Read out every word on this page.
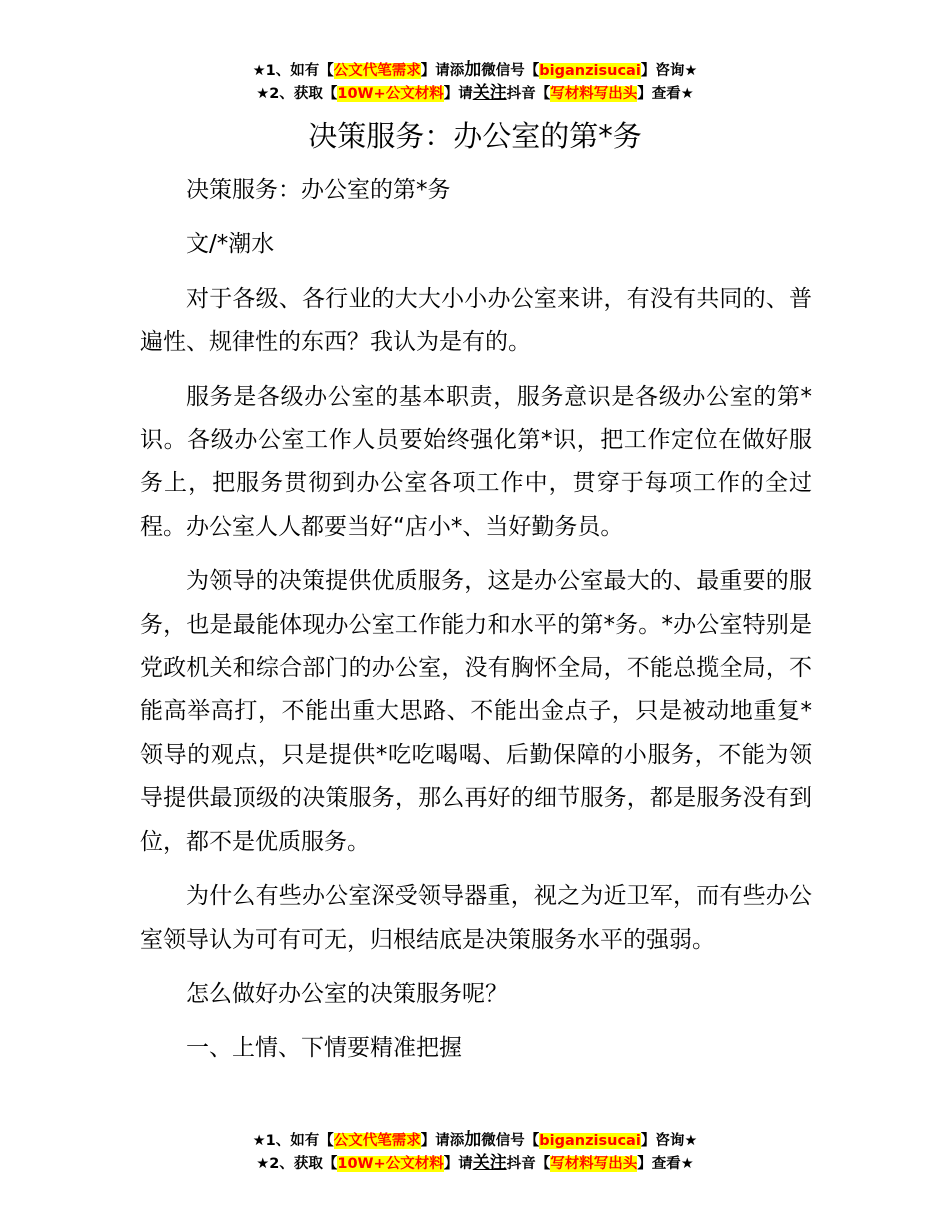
★1、如有【公文代笔需求】请添加微信号【biganzisucai】咨询★
★2、获取【10W+公文材料】请关注抖音【写材料写出头】查看★
决策服务：办公室的第*务

决策服务：办公室的第*务

文/*潮水

对于各级、各行业的大大小小办公室来讲，有没有共同的、普遍性、规律性的东西？我认为是有的。

服务是各级办公室的基本职责，服务意识是各级办公室的第*识。各级办公室工作人员要始终强化第*识，把工作定位在做好服务上，把服务贯彻到办公室各项工作中，贯穿于每项工作的全过程。办公室人人都要当好“店小*、当好勤务员。

为领导的决策提供优质服务，这是办公室最大的、最重要的服务，也是最能体现办公室工作能力和水平的第*务。*办公室特别是党政机关和综合部门的办公室，没有胸怀全局，不能总揽全局，不能高举高打，不能出重大思路、不能出金点子，只是被动地重复*领导的观点，只是提供*吃吃喝喝、后勤保障的小服务，不能为领导提供最顶级的决策服务，那么再好的细节服务，都是服务没有到位，都不是优质服务。

为什么有些办公室深受领导器重，视之为近卫军，而有些办公室领导认为可有可无，归根结底是决策服务水平的强弱。

怎么做好办公室的决策服务呢？

一、上情、下情要精准把握

★1、如有【公文代笔需求】请添加微信号【biganzisucai】咨询★
★2、获取【10W+公文材料】请关注抖音【写材料写出头】查看★
